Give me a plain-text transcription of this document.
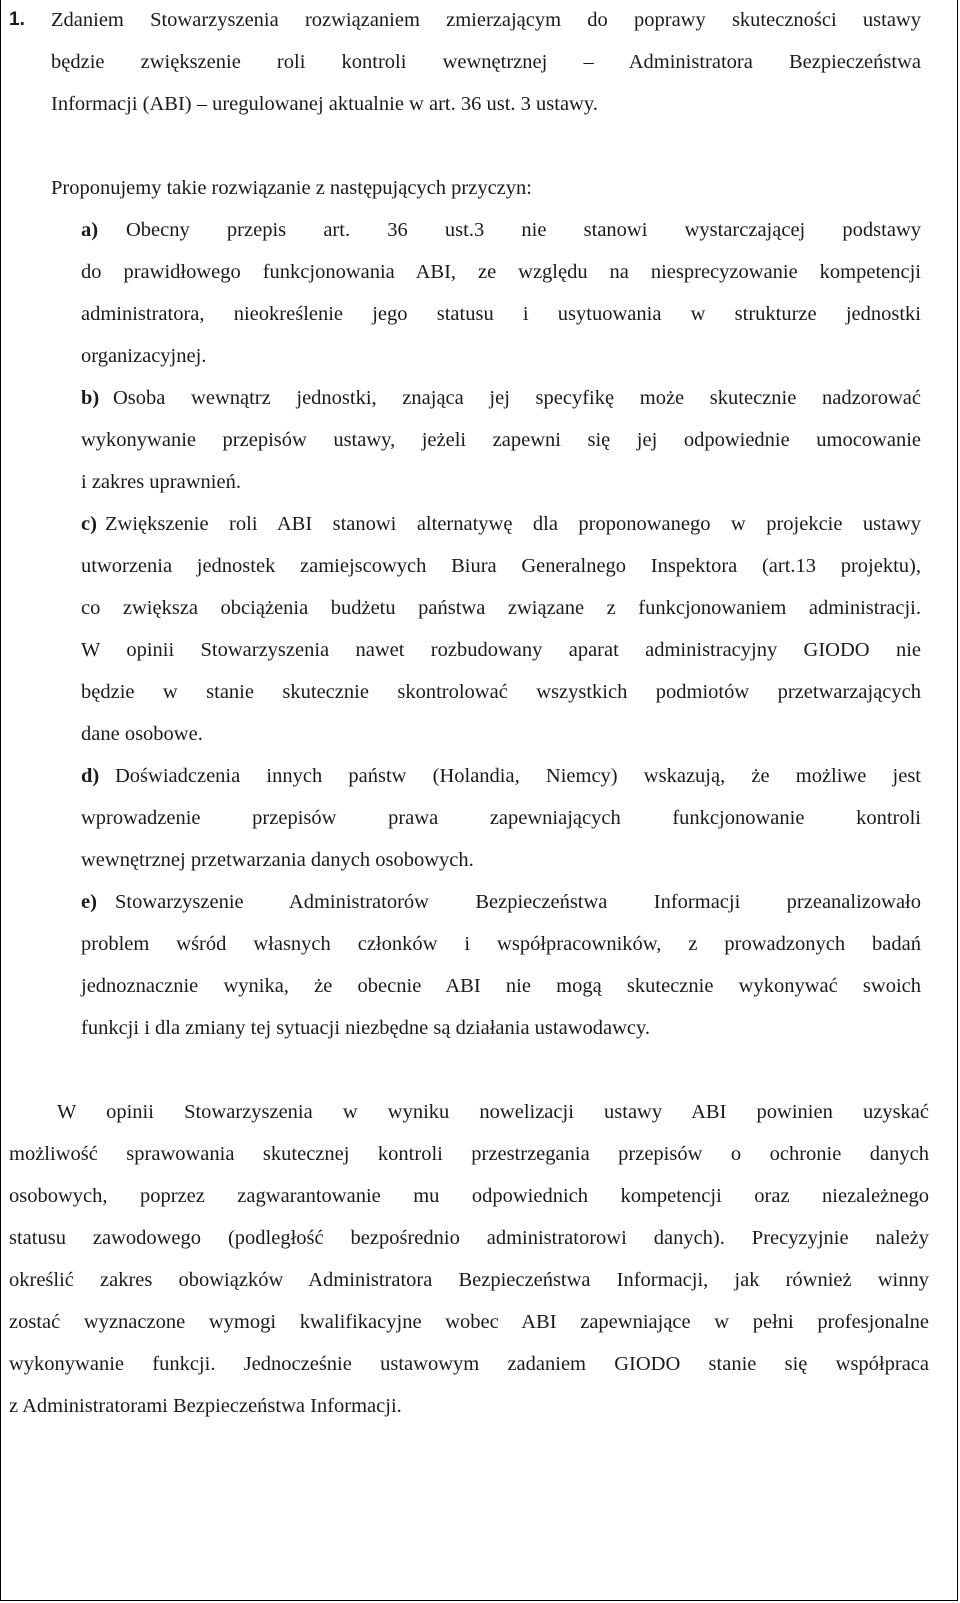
1. Zdaniem Stowarzyszenia rozwiązaniem zmierzającym do poprawy skuteczności ustawy
będzie zwiększenie roli kontroli wewnętrznej – Administratora Bezpieczeństwa
Informacji (ABI) – uregulowanej aktualnie w art. 36 ust. 3 ustawy.
Proponujemy takie rozwiązanie z następujących przyczyn:
a) Obecny przepis art. 36 ust.3 nie stanowi wystarczającej podstawy
do prawidłowego funkcjonowania ABI, ze względu na niesprecyzowanie kompetencji
administratora, nieokreślenie jego statusu i usytuowania w strukturze jednostki
organizacyjnej.
b) Osoba wewnątrz jednostki, znająca jej specyfikę może skutecznie nadzorować
wykonywanie przepisów ustawy, jeżeli zapewni się jej odpowiednie umocowanie
i zakres uprawnień.
c) Zwiększenie roli ABI stanowi alternatywę dla proponowanego w projekcie ustawy
utworzenia jednostek zamiejscowych Biura Generalnego Inspektora (art.13 projektu),
co zwiększa obciążenia budżetu państwa związane z funkcjonowaniem administracji.
W opinii Stowarzyszenia nawet rozbudowany aparat administracyjny GIODO nie
będzie w stanie skutecznie skontrolować wszystkich podmiotów przetwarzających
dane osobowe.
d) Doświadczenia innych państw (Holandia, Niemcy) wskazują, że możliwe jest
wprowadzenie przepisów prawa zapewniających funkcjonowanie kontroli
wewnętrznej przetwarzania danych osobowych.
e) Stowarzyszenie Administratorów Bezpieczeństwa Informacji przeanalizowało
problem wśród własnych członków i współpracowników, z prowadzonych badań
jednoznacznie wynika, że obecnie ABI nie mogą skutecznie wykonywać swoich
funkcji i dla zmiany tej sytuacji niezbędne są działania ustawodawcy.
W opinii Stowarzyszenia w wyniku nowelizacji ustawy ABI powinien uzyskać
możliwość sprawowania skutecznej kontroli przestrzegania przepisów o ochronie danych
osobowych, poprzez zagwarantowanie mu odpowiednich kompetencji oraz niezależnego
statusu zawodowego (podległość bezpośrednio administratorowi danych). Precyzyjnie należy
określić zakres obowiązków Administratora Bezpieczeństwa Informacji, jak również winny
zostać wyznaczone wymogi kwalifikacyjne wobec ABI zapewniające w pełni profesjonalne
wykonywanie funkcji. Jednocześnie ustawowym zadaniem GIODO stanie się współpraca
z Administratorami Bezpieczeństwa Informacji.
